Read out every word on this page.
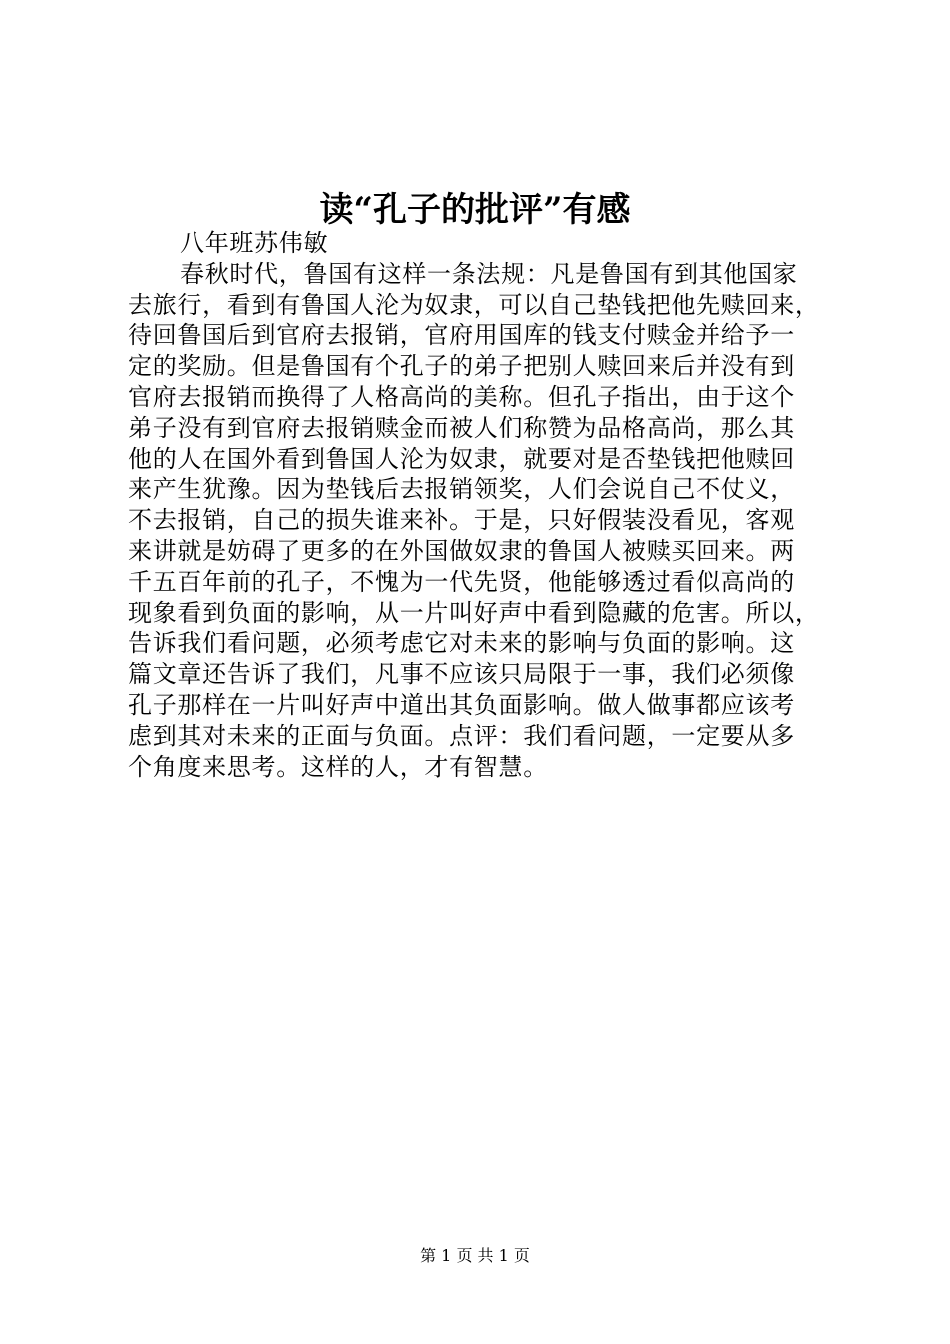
读“孔子的批评”有感
八年班苏伟敏
春秋时代，鲁国有这样一条法规：凡是鲁国有到其他国家
去旅行，看到有鲁国人沦为奴隶，可以自己垫钱把他先赎回来，
待回鲁国后到官府去报销，官府用国库的钱支付赎金并给予一
定的奖励。但是鲁国有个孔子的弟子把别人赎回来后并没有到
官府去报销而换得了人格高尚的美称。但孔子指出，由于这个
弟子没有到官府去报销赎金而被人们称赞为品格高尚，那么其
他的人在国外看到鲁国人沦为奴隶，就要对是否垫钱把他赎回
来产生犹豫。因为垫钱后去报销领奖，人们会说自己不仗义，
不去报销，自己的损失谁来补。于是，只好假装没看见，客观
来讲就是妨碍了更多的在外国做奴隶的鲁国人被赎买回来。两
千五百年前的孔子，不愧为一代先贤，他能够透过看似高尚的
现象看到负面的影响，从一片叫好声中看到隐藏的危害。所以，
告诉我们看问题，必须考虑它对未来的影响与负面的影响。这
篇文章还告诉了我们，凡事不应该只局限于一事，我们必须像
孔子那样在一片叫好声中道出其负面影响。做人做事都应该考
虑到其对未来的正面与负面。点评：我们看问题，一定要从多
个角度来思考。这样的人，才有智慧。
第 1 页 共 1 页
